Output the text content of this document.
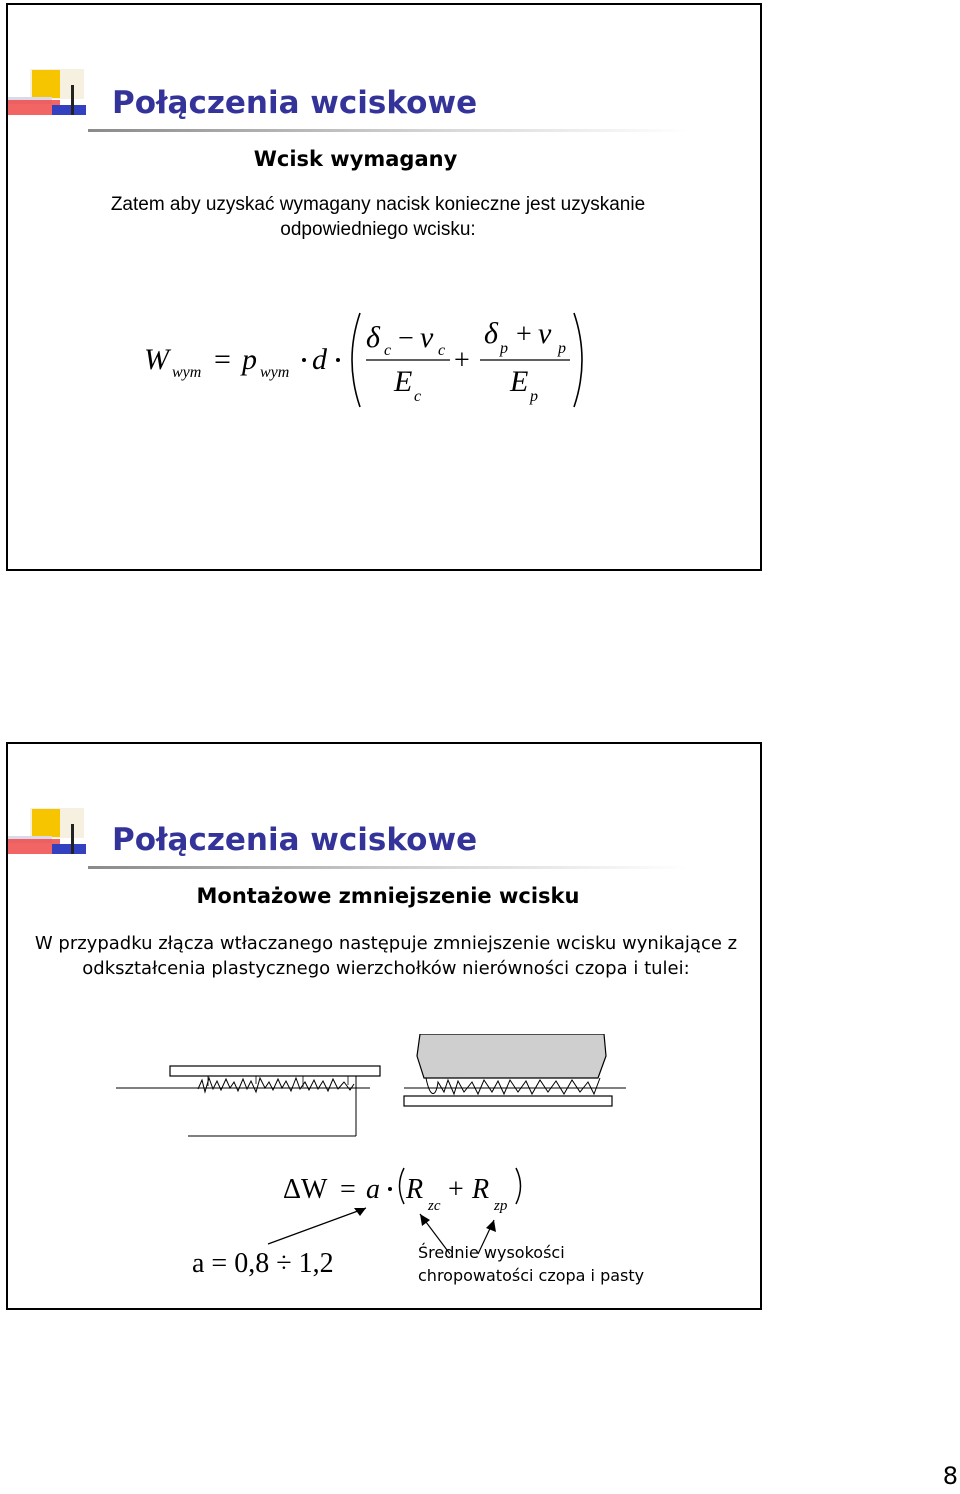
Połączenia wciskowe
Wcisk wymagany
Zatem aby uzyskać wymagany nacisk konieczne jest uzyskanie odpowiedniego wcisku:
W wym = p wym d
δ c − ν c
E c
+
δ p + ν p
E p
Połączenia wciskowe
Montażowe zmniejszenie wcisku
W przypadku złącza wtłaczanego następuje zmniejszenie wcisku wynikające z odkształcenia plastycznego wierzchołków nierówności czopa i tulei:
ΔW = a R
zc
+ R
zp
a = 0,8 ÷ 1,2	Średnie wysokości
chropowatości czopa i pasty
8
